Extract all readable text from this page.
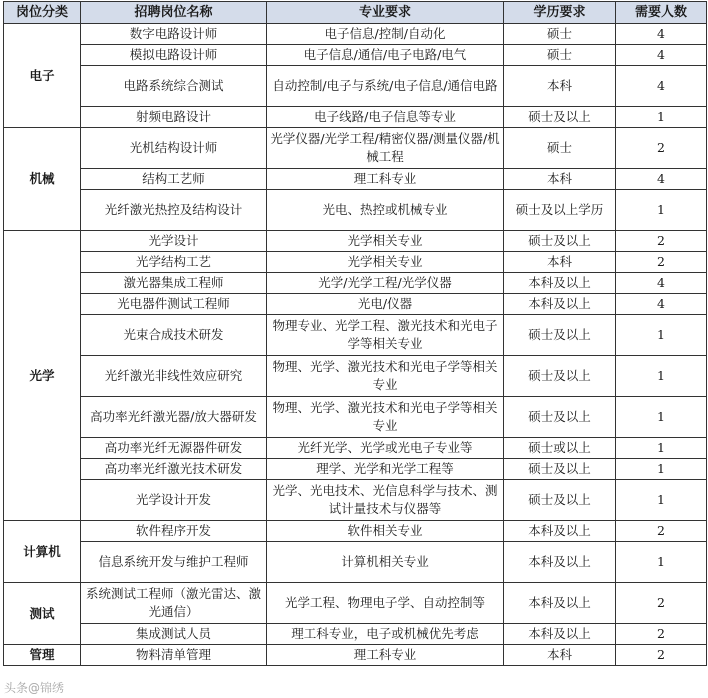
岗位分类	招聘岗位名称	专业要求	学历要求	需要人数
电子	数字电路设计师	电子信息/控制/自动化	硕士	4
	模拟电路设计师	电子信息/通信/电子电路/电气	硕士	4
	电路系统综合测试	自动控制/电子与系统/电子信息/通信电路	本科	4
	射频电路设计	电子线路/电子信息等专业	硕士及以上	1
机械	光机结构设计师	光学仪器/光学工程/精密仪器/测量仪器/机械工程	硕士	2
	结构工艺师	理工科专业	本科	4
	光纤激光热控及结构设计	光电、热控或机械专业	硕士及以上学历	1
光学	光学设计	光学相关专业	硕士及以上	2
	光学结构工艺	光学相关专业	本科	2
	激光器集成工程师	光学/光学工程/光学仪器	本科及以上	4
	光电器件测试工程师	光电/仪器	本科及以上	4
	光束合成技术研发	物理专业、光学工程、激光技术和光电子学等相关专业	硕士及以上	1
	光纤激光非线性效应研究	物理、光学、激光技术和光电子学等相关专业	硕士及以上	1
	高功率光纤激光器/放大器研发	物理、光学、激光技术和光电子学等相关专业	硕士及以上	1
	高功率光纤无源器件研发	光纤光学、光学或光电子专业等	硕士或以上	1
	高功率光纤激光技术研发	理学、光学和光学工程等	硕士及以上	1
	光学设计开发	光学、光电技术、光信息科学与技术、测试计量技术与仪器等	硕士及以上	1
计算机	软件程序开发	软件相关专业	本科及以上	2
	信息系统开发与维护工程师	计算机相关专业	本科及以上	1
测试	系统测试工程师（激光雷达、激光通信）	光学工程、物理电子学、自动控制等	本科及以上	2
	集成测试人员	理工科专业，电子或机械优先考虑	本科及以上	2
管理	物料清单管理	理工科专业	本科	2
头条@锦绣
